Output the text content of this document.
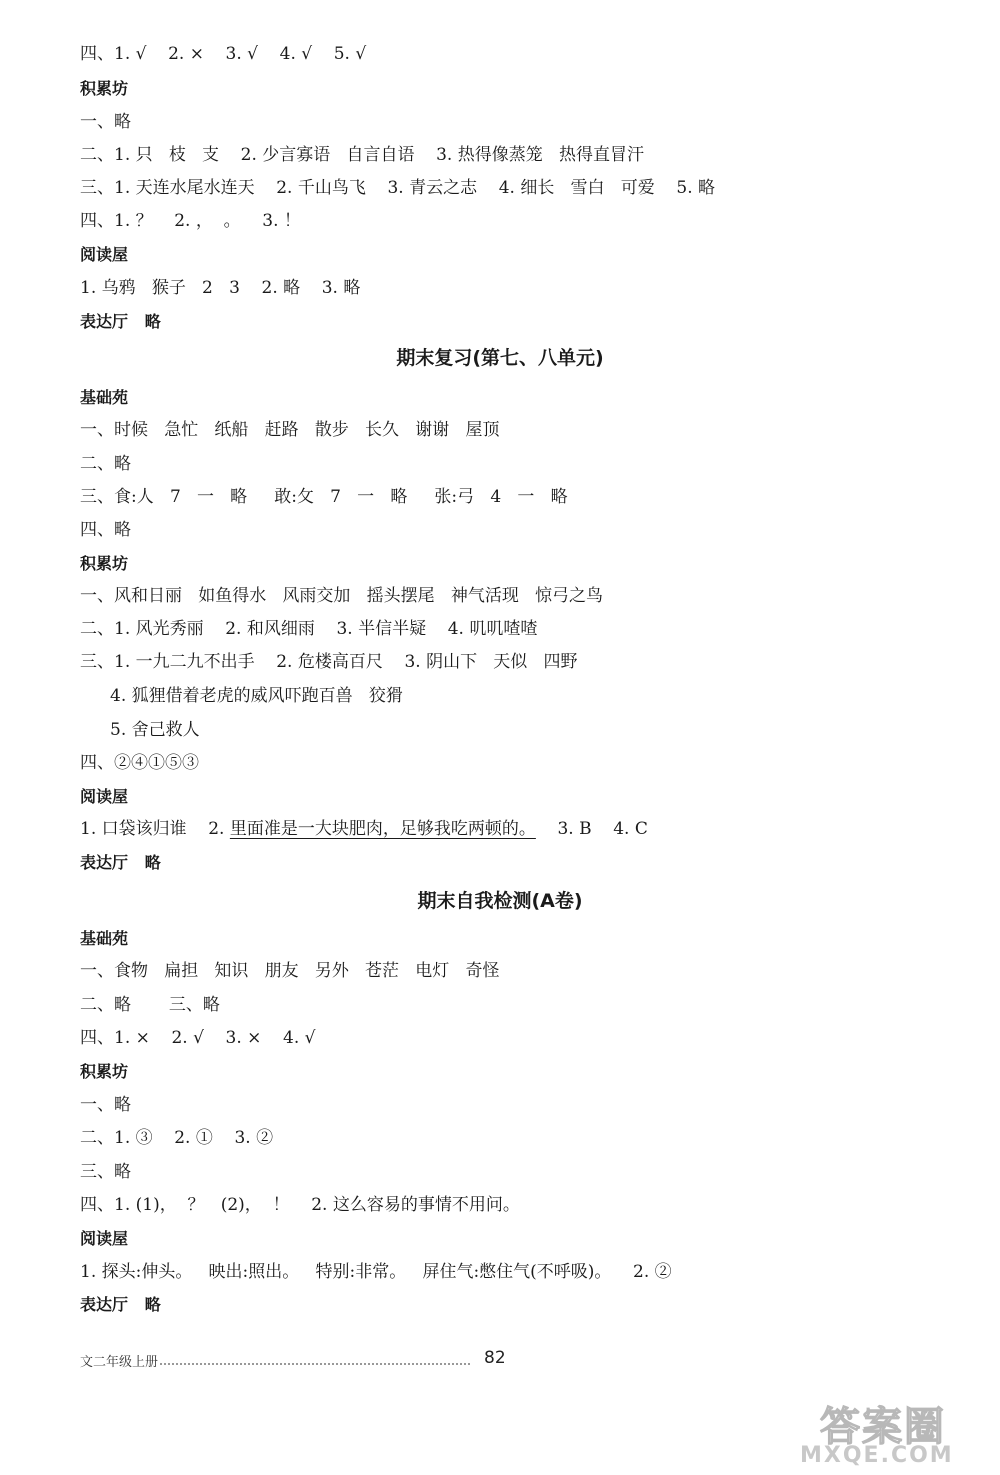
四、1. √    2. ×    3. √    4. √    5. √
积累坊
一、略
二、1. 只   枝   支    2. 少言寡语   自言自语    3. 热得像蒸笼   热得直冒汗
三、1. 天连水尾水连天    2. 千山鸟飞    3. 青云之志    4. 细长   雪白   可爱    5. 略
四、1. ？    2. ，  。    3. ！
阅读屋
1. 乌鸦   猴子   2   3    2. 略    3. 略
表达厅   略
期末复习(第七、八单元)
基础苑
一、时候   急忙   纸船   赶路   散步   长久   谢谢   屋顶
二、略
三、食:人   7   一   略     敢:攵   7   一   略     张:弓   4   一   略
四、略
积累坊
一、风和日丽   如鱼得水   风雨交加   摇头摆尾   神气活现   惊弓之鸟
二、1. 风光秀丽    2. 和风细雨    3. 半信半疑    4. 叽叽喳喳
三、1. 一九二九不出手    2. 危楼高百尺    3. 阴山下   天似   四野
4. 狐狸借着老虎的威风吓跑百兽   狡猾
5. 舍己救人
四、②④①⑤③
阅读屋
1. 口袋该归谁    2. 里面准是一大块肥肉，足够我吃两顿的。    3. B    4. C
表达厅   略
期末自我检测(A卷)
基础苑
一、食物   扁担   知识   朋友   另外   苍茫   电灯   奇怪
二、略       三、略
四、1. ×    2. √    3. ×    4. √
积累坊
一、略
二、1. ③    2. ①    3. ②
三、略
四、1. (1)，  ？   (2)，  ！    2. 这么容易的事情不用问。
阅读屋
1. 探头:伸头。   映出:照出。   特别:非常。   屏住气:憋住气(不呼吸)。    2. ②
表达厅   略
文二年级上册	82
答案圈
MXQE.COM
